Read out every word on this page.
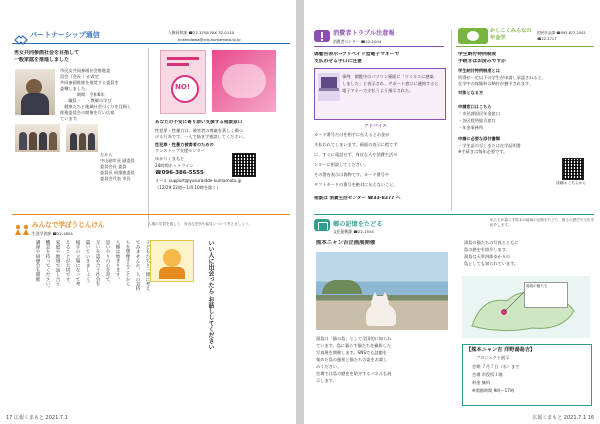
パートナーシップ通信	人権同和課 ☎22-1708 FAX 32-0110
Jinkendowa@city.kumamoto.lg.jp
男女共同参画社会を目指して
一般家庭を推進しました
市民女共同参画社会推進委
員会（会長 ）が改定
共同参画推進を推奨する委員を
委嘱しました。
　　　　期間：令和6年
　　職員・　 ・教師の学び
　健康たちと地域社会づくりを目指し
推進委員会の開催を行い広報
ています。
左から
中山副市長 副委員
委員会長 委員
委員長 同推進委員
委員会代表 市長
NO!
あなたの不安に寄り添い支援する相談窓口
性犯罪・性暴力は、被害者の尊厳を著しく傷つ
ける行為です。一人で悩まず相談してください。
性犯罪・性暴力被害者のための
ワンストップ支援センター
ゆかりくまもと
24時間ホットライン
☎096-386-5555
メール support@yusuraidde-kumamoto.jp
（12/29 22時〜1/4 10時を除く）
みんなで学ぼうじんけん
生涯学習課 ☎22-1804
人権の学習を通して、身近な差別や偏見について考えましょう。
子どもたちと一緒に考え
てみませんか。人の気持
ちを想像することから
人権は始まります。
思いやりの心を育て、
互いを認め合う社会を
築いていきましょう。
相手の立場になって考
えることが大切です。
家庭や地域で話し合う
機会を持ってください。
講座や研修会も開催	いい人に出会ったら お話ししてください
17 広報くまもと 2021.7.1
消費者トラブル注意報
消費者センター ☎22-1004
偽警告表示→プリペイド型電子マネーで
支払わせる手口に注意
事例　閲覧中のパソコン画面に「ウイルスに感染
しました」と表示され、サポート窓口に連絡すると
電子マネーで支払うよう指示された。
アドバイス
カード番号だけを相手に伝えるとお金が
支払われてしまいます。画面の表示に慌てず
に、すぐに電話せず、身近な人や消費生活セ
ンターに相談してください。
その警告表示は偽物です。カード番号や
ギフトカードの番号を絶対に伝えないこと。
相談は 消費生活センター ☎33-8277 へ
かしこくみんなの年金学
国民年金課 ☎095-8?7-2502 ☎22-1717
学生納付特例制度
手続きはお済みですか
学生納付特例制度とは
所得が一定以下の学生が申請し承認されると、
在学中の保険料の納付が猶予されます。
対象となる方
申請窓口はこちら
・市民課国民年金窓口
・各区役所総合窓口
・年金事務所
申請に必要な添付書類
・学生証の写しまたは在学証明書
※手続きは毎年必要です。
詳細は こちらから
郷の記憶をたどる
文化振興課 ☎22-1554
私たちが暮らす熊本の地域の記憶をたどり、郷土の歴史や文化を紹介します。
熊本ニャン吉企画展開催
湯島は「猫の島」として全国的に知られ
ています。島に暮らす猫たちを撮影した
写真展を開催します。SNSでも話題を
集めた島の風景と猫たちの姿をお楽し
みください。
会場では島の歴史を紹介するパネルも展
示します。
湯島の猫たちの写真とともに
島の歴史を紹介します。
湯島は天草四郎ゆかりの
島としても知られています。
湯島の猫たち
【熊本ニャン吉 洋野湯島吉】
プロジェクト展示
会期 ７月７日（水）まで
会場 市役所１階
料金 無料
※開館時間 9時〜17時
広報くまもと 2021.7.1 16
